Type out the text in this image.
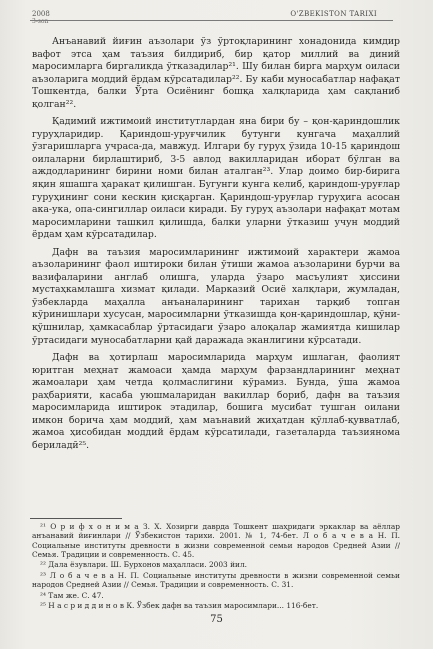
2008
3-son
O'ZBEKISTON TARIXI

Анъанавий йиғин аъзолари ўз ўртоқларининг хонадонида кимдир вафот этса ҳам таъзия билдириб, бир қатор миллий ва диний маросимларга биргаликда ўтказадилар²¹. Шу билан бирга марҳум оиласи аъзоларига моддий ёрдам кўрсатадилар²². Бу каби муносабатлар нафақат Тошкентда, балки Ўрта Осиёнинг бошқа халқларида ҳам сақланиб қолган²².

Қадимий ижтимоий институтлардан яна бири бу – қон-қариндошлик гуруҳларидир. Қариндош-уруғчилик бутунги кунгача маҳаллий ўзгаришларга учраса-да, мавжуд. Илгари бу гуруҳ ўзида 10-15 қариндош оилаларни бирлаштириб, 3-5 авлод вакилларидан иборат бўлган ва аждодларининг бирини номи билан аталган²³. Улар доимо бир-бирига яқин яшашга ҳаракат қилишган. Бугунги кунга келиб, қариндош-уруғлар гуруҳининг сони кескин қисқарган. Қариндош-уруғлар гуруҳига асосан ака-ука, опа-сингиллар оиласи киради. Бу гуруҳ аъзолари нафақат мотам маросимларини ташкил қилишда, балки уларни ўтказиш учун моддий ёрдам ҳам кўрсатадилар.

Дафн ва таъзия маросимларининг ижтимоий характери жамоа аъзоларининг фаол иштироки билан ўтиши жамоа аъзоларини бурчи ва вазифаларини англаб олишга, уларда ўзаро масъулият ҳиссини мустаҳкамлашга хизмат қилади. Марказий Осиё халқлари, жумладан, ўзбекларда маҳалла анъаналарининг тарихан тарқиб топган кўринишлари хусусан, маросимларни ўтказишда қон-қариндошлар, қўни-қўшнилар, ҳамкасаблар ўртасидаги ўзаро алоқалар жамиятда кишилар ўртасидаги муносабатларни қай даражада эканлигини кўрсатади.

Дафн ва ҳотирлаш маросимларида марҳум ишлаган, фаолият юритган меҳнат жамоаси ҳамда марҳум фарзандларининг меҳнат жамоалари ҳам четда қолмаслигини кўрамиз. Бунда, ўша жамоа раҳбарияти, касаба уюшмаларидан вакиллар бориб, дафн ва таъзия маросимларида иштирок этадилар, бошига мусибат тушган оилани имкон борича ҳам моддий, ҳам маънавий жиҳатдан қўллаб-қувватлаб, жамоа ҳисобидан моддий ёрдам кўрсатилади, газеталарда таъзиянома бериладӣ²⁵.

²¹ О р и ф х о н и м а З. Х. Хозирги даврда Тошкент шаҳридаги эркаклар ва аёллар анъанавий йиғинлари // Ўзбекистон тарихи. 2001. № 1, 74-бет. Л о б а ч е в а Н. П. Социальные институты древности в жизни современной семьи народов Средней Азии // Семья. Традиции и современность. С. 45.

²² Дала ёзувлари. Ш. Бурхонов маҳалласи. 2003 йил.

²³ Л о б а ч е в а Н. П. Социальные институты древности в жизни современной семьи народов Средней Азии // Семья. Традиции и современность. С. 31.

²⁴ Там же. С. 47.

²⁵ Н а с р и д д и н о в К. Ўзбек дафн ва таъзия маросимлари... 116-бет.

75
